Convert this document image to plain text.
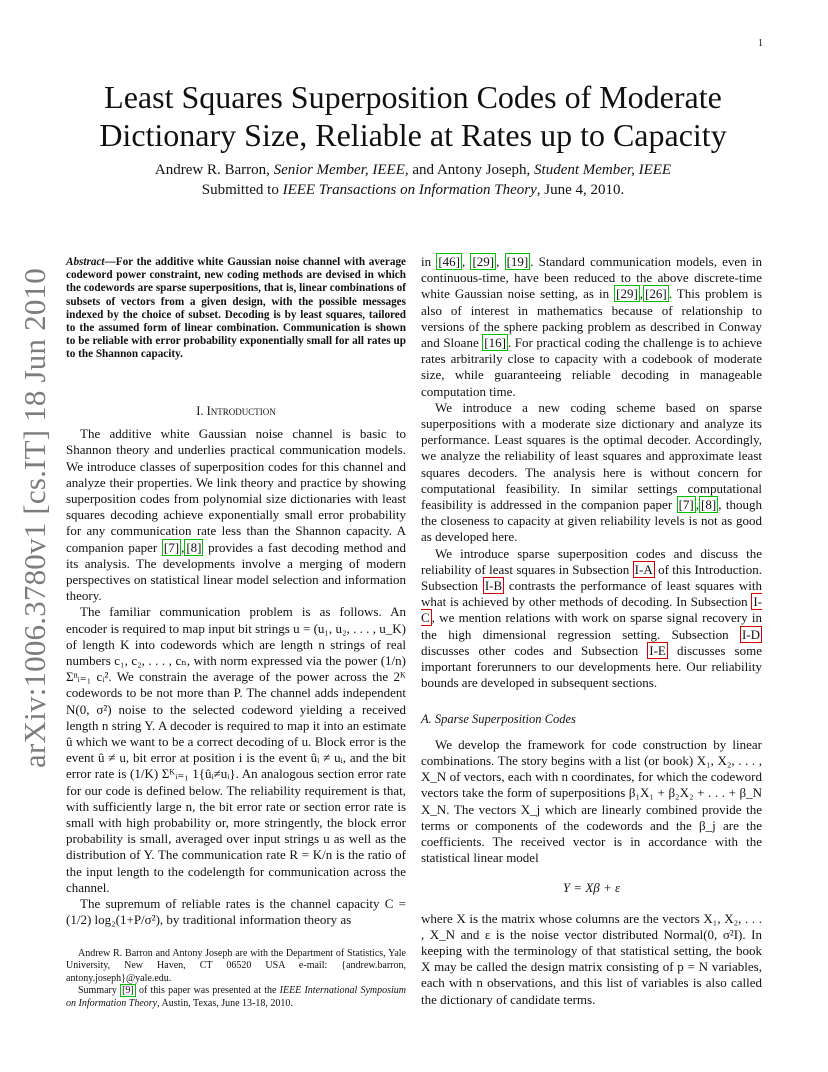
1
arXiv:1006.3780v1 [cs.IT] 18 Jun 2010
Least Squares Superposition Codes of Moderate
Dictionary Size, Reliable at Rates up to Capacity
Andrew R. Barron, Senior Member, IEEE, and Antony Joseph, Student Member, IEEE
Submitted to IEEE Transactions on Information Theory, June 4, 2010.

Abstract—For the additive white Gaussian noise channel with average codeword power constraint, new coding methods are devised in which the codewords are sparse superpositions, that is, linear combinations of subsets of vectors from a given design, with the possible messages indexed by the choice of subset. Decoding is by least squares, tailored to the assumed form of linear combination. Communication is shown to be reliable with error probability exponentially small for all rates up to the Shannon capacity.

I. Introduction

The additive white Gaussian noise channel is basic to Shannon theory and underlies practical communication models. We introduce classes of superposition codes for this channel and analyze their properties. We link theory and practice by showing superposition codes from polynomial size dictionaries with least squares decoding achieve exponentially small error probability for any communication rate less than the Shannon capacity. A companion paper [7] , [8] provides a fast decoding method and its analysis. The developments involve a merging of modern perspectives on statistical linear model selection and information theory.

The familiar communication problem is as follows. An encoder is required to map input bit strings u = (u₁, u₂, . . . , u_K) of length K into codewords which are length n strings of real numbers c₁, c₂, . . . , cₙ, with norm expressed via the power (1/n) Σⁿᵢ₌₁ cᵢ². We constrain the average of the power across the 2ᴷ codewords to be not more than P. The channel adds independent N(0, σ²) noise to the selected codeword yielding a received length n string Y. A decoder is required to map it into an estimate û which we want to be a correct decoding of u. Block error is the event û ≠ u, bit error at position i is the event ûᵢ ≠ uᵢ, and the bit error rate is (1/K) Σᴷᵢ₌₁ 1{ûᵢ≠uᵢ}. An analogous section error rate for our code is defined below. The reliability requirement is that, with sufficiently large n, the bit error rate or section error rate is small with high probability or, more stringently, the block error probability is small, averaged over input strings u as well as the distribution of Y. The communication rate R = K/n is the ratio of the input length to the codelength for communication across the channel.

The supremum of reliable rates is the channel capacity C = (1/2) log₂(1+P/σ²), by traditional information theory as

Andrew R. Barron and Antony Joseph are with the Department of Statistics, Yale University, New Haven, CT 06520 USA e-mail: {andrew.barron, antony.joseph}@yale.edu.

Summary [9] of this paper was presented at the IEEE International Symposium on Information Theory, Austin, Texas, June 13-18, 2010.

in [46] , [29] , [19] . Standard communication models, even in continuous-time, have been reduced to the above discrete-time white Gaussian noise setting, as in [29] , [26] . This problem is also of interest in mathematics because of relationship to versions of the sphere packing problem as described in Conway and Sloane [16] . For practical coding the challenge is to achieve rates arbitrarily close to capacity with a codebook of moderate size, while guaranteeing reliable decoding in manageable computation time.

We introduce a new coding scheme based on sparse superpositions with a moderate size dictionary and analyze its performance. Least squares is the optimal decoder. Accordingly, we analyze the reliability of least squares and approximate least squares decoders. The analysis here is without concern for computational feasibility. In similar settings computational feasibility is addressed in the companion paper [7] , [8] , though the closeness to capacity at given reliability levels is not as good as developed here.

We introduce sparse superposition codes and discuss the reliability of least squares in Subsection I-A of this Introduction. Subsection I-B contrasts the performance of least squares with what is achieved by other methods of decoding. In Subsection I-C , we mention relations with work on sparse signal recovery in the high dimensional regression setting. Subsection I-D discusses other codes and Subsection I-E discusses some important forerunners to our developments here. Our reliability bounds are developed in subsequent sections.

A. Sparse Superposition Codes

We develop the framework for code construction by linear combinations. The story begins with a list (or book) X₁, X₂, . . . , X_N of vectors, each with n coordinates, for which the codeword vectors take the form of superpositions β₁X₁ + β₂X₂ + . . . + β_N X_N. The vectors X_j which are linearly combined provide the terms or components of the codewords and the β_j are the coefficients. The received vector is in accordance with the statistical linear model

Y = Xβ + ε

where X is the matrix whose columns are the vectors X₁, X₂, . . . , X_N and ε is the noise vector distributed Normal(0, σ²I). In keeping with the terminology of that statistical setting, the book X may be called the design matrix consisting of p = N variables, each with n observations, and this list of variables is also called the dictionary of candidate terms.
